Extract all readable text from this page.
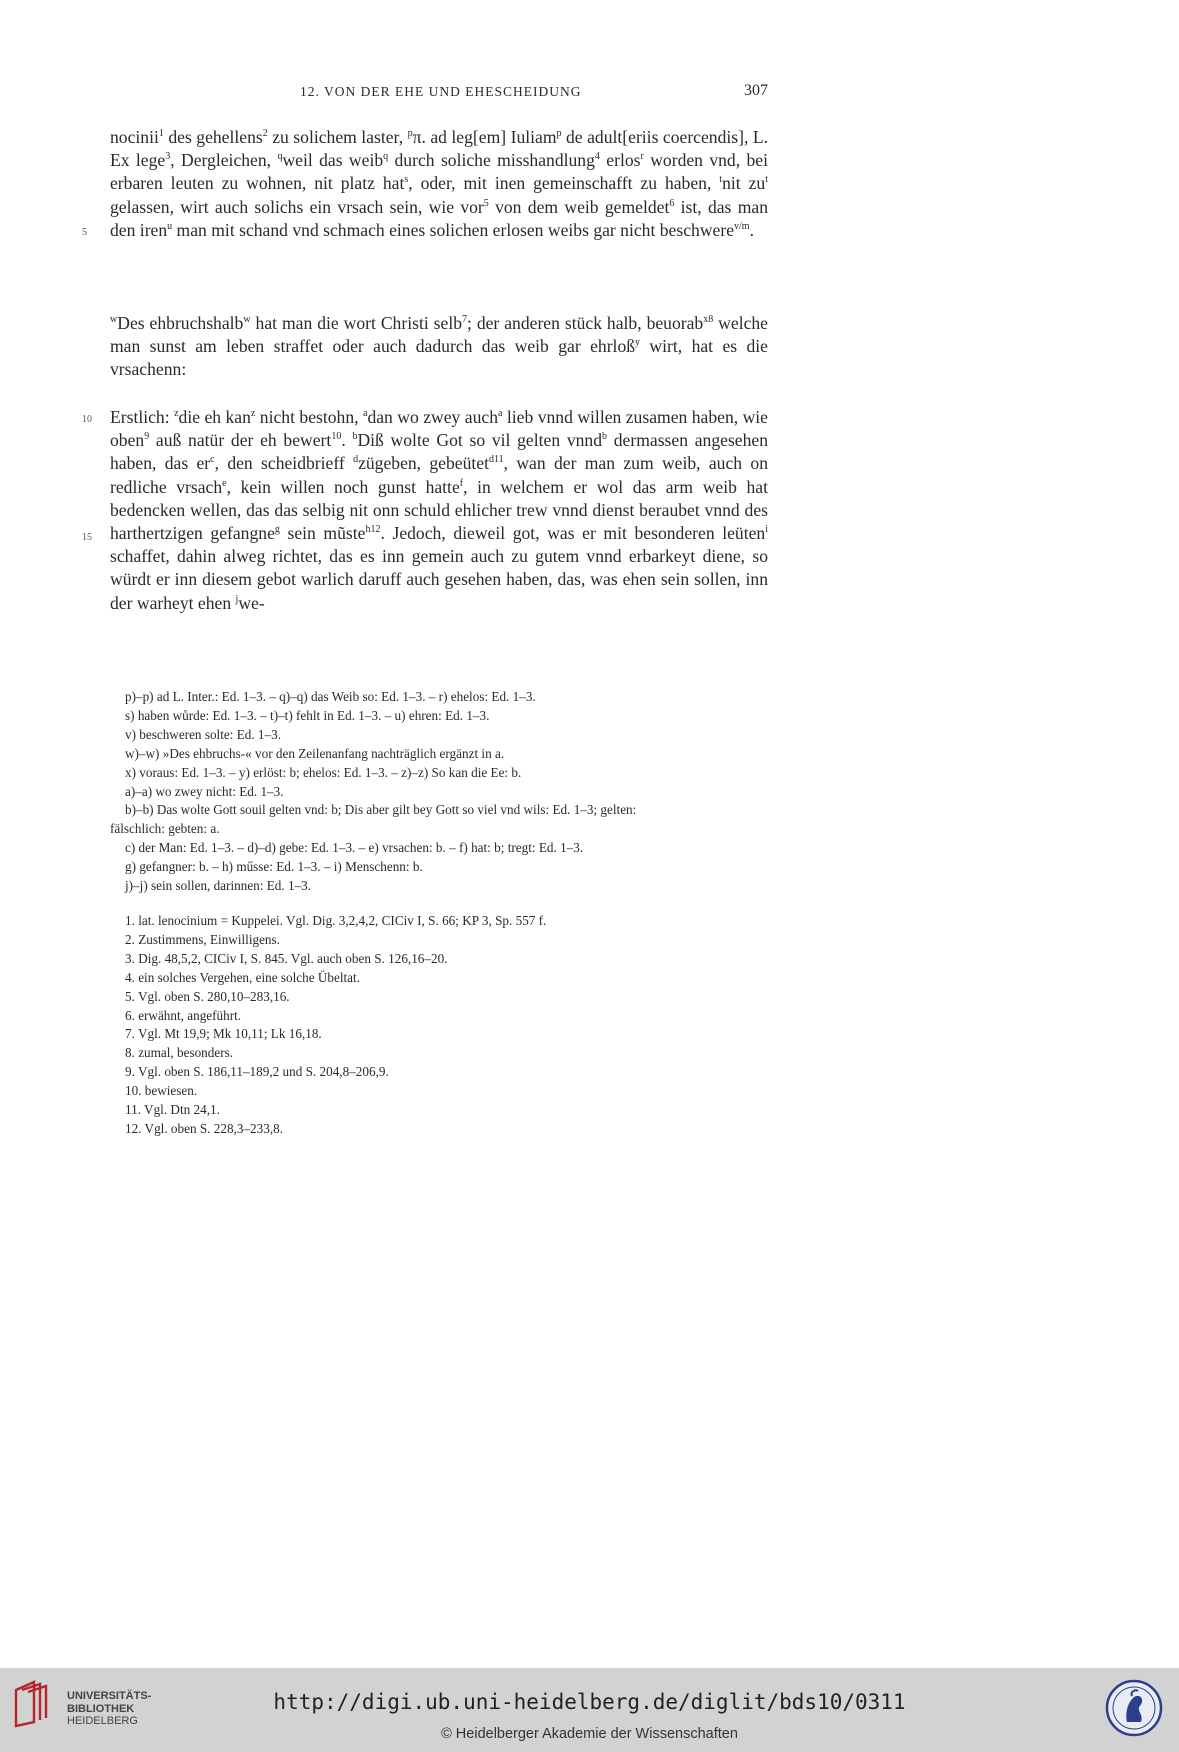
12. VON DER EHE UND EHESCHEIDUNG	307

nocinii$^1$ des gehellens$^2$ zu solichem laster, $^p$π. ad leg[em] Iuliam$^p$ de adult[eriis coercendis], L. Ex lege$^3$, Dergleichen, $^q$weil das weib$^q$ durch soliche misshandlung$^4$ erlos$^r$ worden vnd, bei erbaren leuten zu wohnen, nit platz hat$^s$, oder, mit inen gemeinschafft zu haben, $^t$nit $zu^t$ gelassen, wirt auch solichs ein vrsach sein, wie vor$^5$ von dem weib gemeldet$^6$ ist, das man den iren$^u$ man mit schand vnd schmach eines solichen erlosen weibs gar nicht beschwere$^{v/m}$.

5

$^w$Des ehbruchshalb$^w$ hat man die wort Christi selb$^7$; der anderen stück halb, beuorab$^{x8}$ welche man sunst am leben straffet oder auch dadurch das weib gar ehrloß$^y$ wirt, hat es die vrsachenn:

10 Erstlich: $^z$die eh kan$^z$ nicht bestohn, $^a$dan wo zwey auch$^a$ lieb vnnd willen zusamen haben, wie oben$^9$ auß natür der eh bewert$^{10}$. $^b$Diß wolte Got so vil gelten vnnd$^b$ dermassen angesehen haben, das $er^c$, den scheidbrieff $^d$zügeben, gebeütet$^{d11}$, wan der man zum weib, auch on redliche vrsach$^e$, kein willen noch gunst hatte$^f$, in welchem er wol das arm weib hat bedencken wellen, das das selbig nit onn schuld ehlicher trew vnnd dienst beraubet vnnd des harthertzigen gefangne$^g$ sein mũste$^{h12}$. Jedoch, dieweil got, was er mit besonderen leüten$^i$ schaffet, dahin alweg richtet, das es inn gemein auch zu gutem vnnd erbarkeyt diene, so würdt er inn diesem gebot warlich daruff auch gesehen haben, das, was ehen sein sollen, inn der warheyt ehen $^j$we-

15
p)–p) ad L. Inter.: Ed. 1–3. – q)–q) das Weib so: Ed. 1–3. – r) ehelos: Ed. 1–3.
s) haben wůrde: Ed. 1–3. – t)–t) fehlt in Ed. 1–3. – u) ehren: Ed. 1–3.
v) beschweren solte: Ed. 1–3.
w)–w) »Des ehbruchs-« vor den Zeilenanfang nachträglich ergänzt in a.
x) voraus: Ed. 1–3. – y) erlöst: b; ehelos: Ed. 1–3. – z)–z) So kan die Ee: b.
a)–a) wo zwey nicht: Ed. 1–3.
b)–b) Das wolte Gott souil gelten vnd: b; Dis aber gilt bey Gott so viel vnd wils: Ed. 1–3; gelten:
fälschlich: gebten: a.
c) der Man: Ed. 1–3. – d)–d) gebe: Ed. 1–3. – e) vrsachen: b. – f) hat: b; tregt: Ed. 1–3.
g) gefangner: b. – h) műsse: Ed. 1–3. – i) Menschenn: b.
j)–j) sein sollen, darinnen: Ed. 1–3.
1. lat. lenocinium = Kuppelei. Vgl. Dig. 3,2,4,2, CICiv I, S. 66; KP 3, Sp. 557 f.
2. Zustimmens, Einwilligens.
3. Dig. 48,5,2, CICiv I, S. 845. Vgl. auch oben S. 126,16–20.
4. ein solches Vergehen, eine solche Übeltat.
5. Vgl. oben S. 280,10–283,16.
6. erwähnt, angeführt.
7. Vgl. Mt 19,9; Mk 10,11; Lk 16,18.
8. zumal, besonders.
9. Vgl. oben S. 186,11–189,2 und S. 204,8–206,9.
10. bewiesen.
11. Vgl. Dtn 24,1.
12. Vgl. oben S. 228,3–233,8.
UNIVERSITÄTS-
BIBLIOTHEK
HEIDELBERG
http://digi.ub.uni-heidelberg.de/diglit/bds10/0311
© Heidelberger Akademie der Wissenschaften
